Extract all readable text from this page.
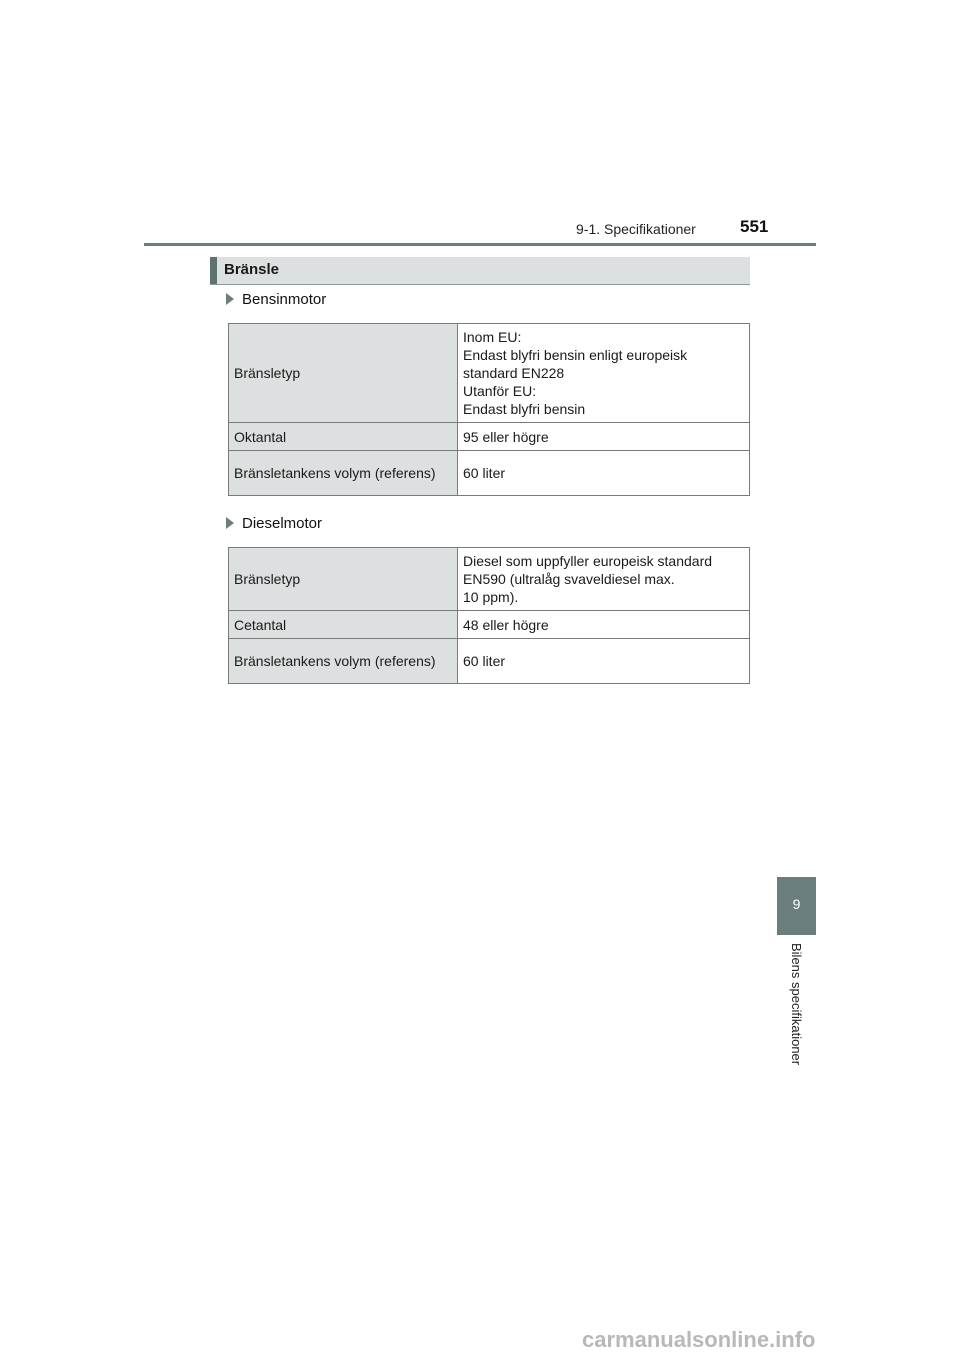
9-1. Specifikationer	551
Bränsle
Bensinmotor
Bränsletyp	Inom EU:
Endast blyfri bensin enligt europeisk
standard EN228
Utanför EU:
Endast blyfri bensin

Oktantal	95 eller högre
Bränsletankens volym (referens)	60 liter
Dieselmotor
Bränsletyp	Diesel som uppfyller europeisk standard
EN590 (ultralåg svaveldiesel max.
10 ppm).

Cetantal	48 eller högre
Bränsletankens volym (referens)	60 liter
9
Bilens specifikationer
carmanualsonline.info
